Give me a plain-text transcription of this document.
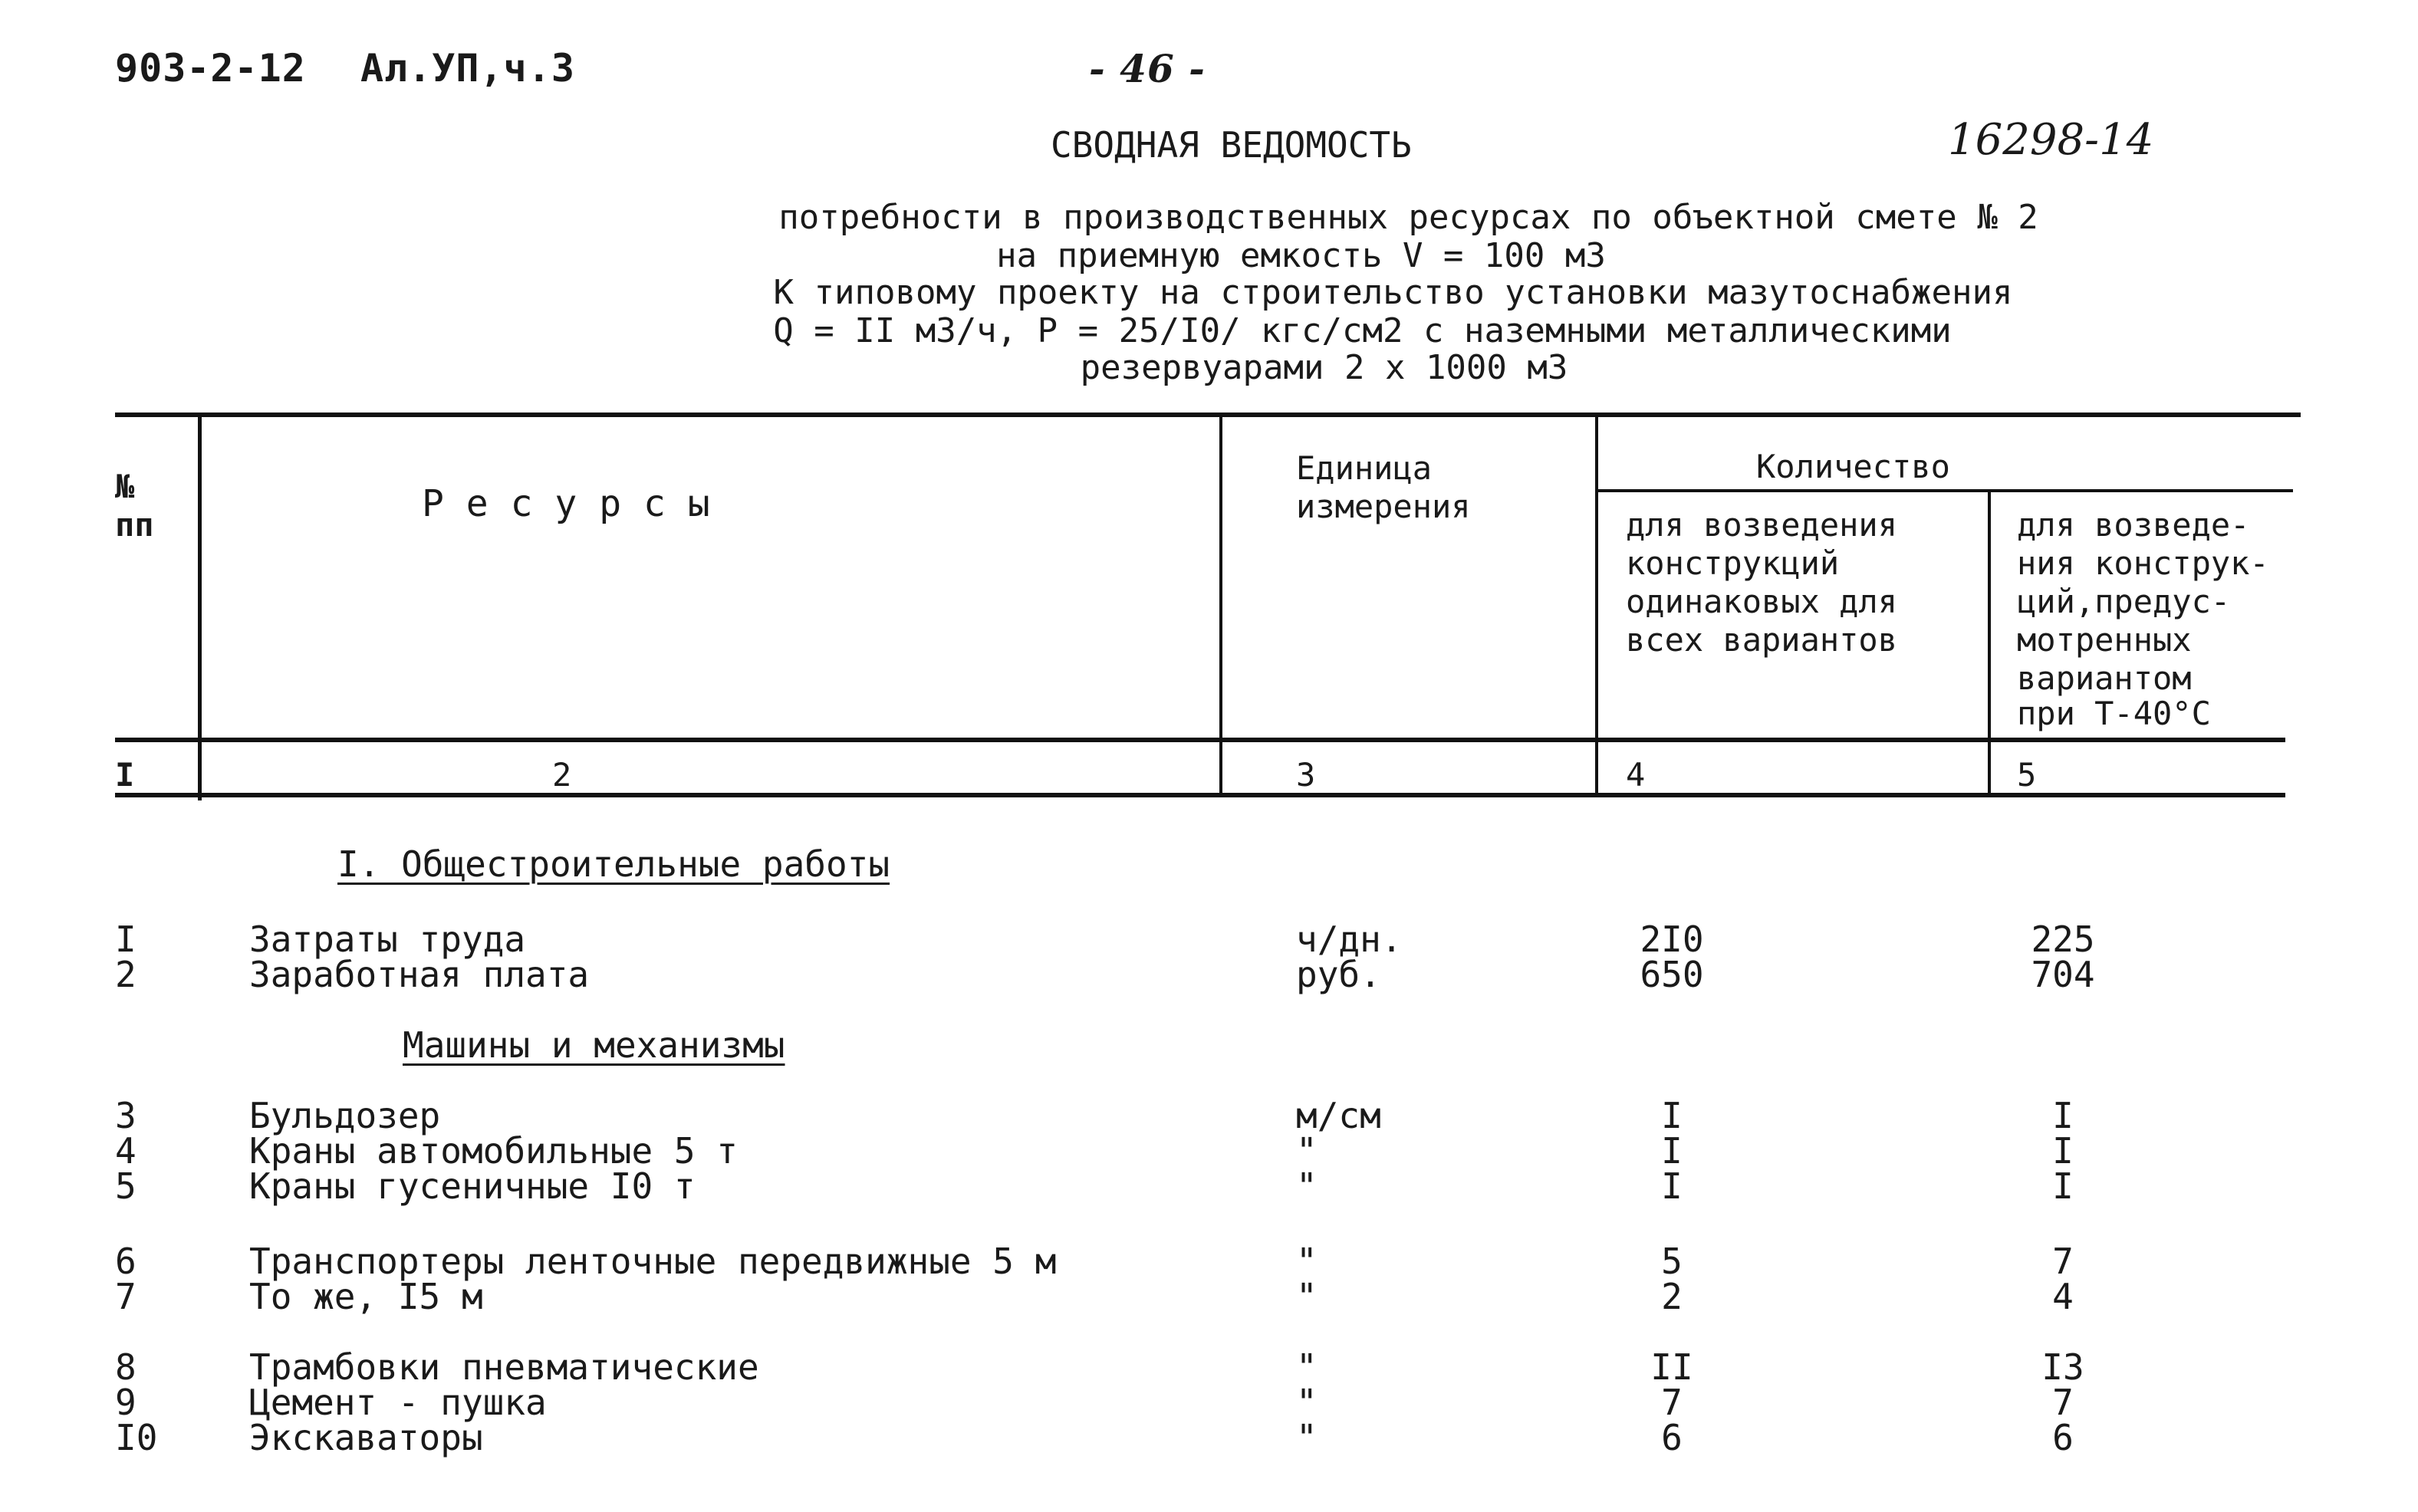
903-2-12 Ал.УП,ч.3	- 46 -
16298-14
СВОДНАЯ ВЕДОМОСТЬ
потребности в производственных ресурсах по объектной смете № 2
на приемную емкость V = 100 м3
К типовому проекту на строительство установки мазутоснабжения
Q = II м3/ч, P = 25/I0/ кгс/см2 с наземными металлическими
резервуарами 2 х 1000 м3
№
пп	Р е с у р с ы
Единица
измерения
Количество
для возведения
конструкций
одинаковых для
всех вариантов
для возведе-
ния конструк-
ций,предус-
мотренных
вариантом
при Т-40°С
I	2	3	4	5
I. Общестроительные работы
Машины и механизмы
I	Затраты труда	ч/дн.	2I0	225
2	Заработная плата	руб.	650	704
3	Бульдозер	м/см	I	I
4	Краны автомобильные 5 т	"	I	I
5	Краны гусеничные I0 т	"	I	I
6	Транспортеры ленточные передвижные 5 м	"	5	7
7	То же, I5 м	"	2	4
8	Трамбовки пневматические	"	II	I3
9	Цемент - пушка	"	7	7
I0	Экскаваторы	"	6	6
